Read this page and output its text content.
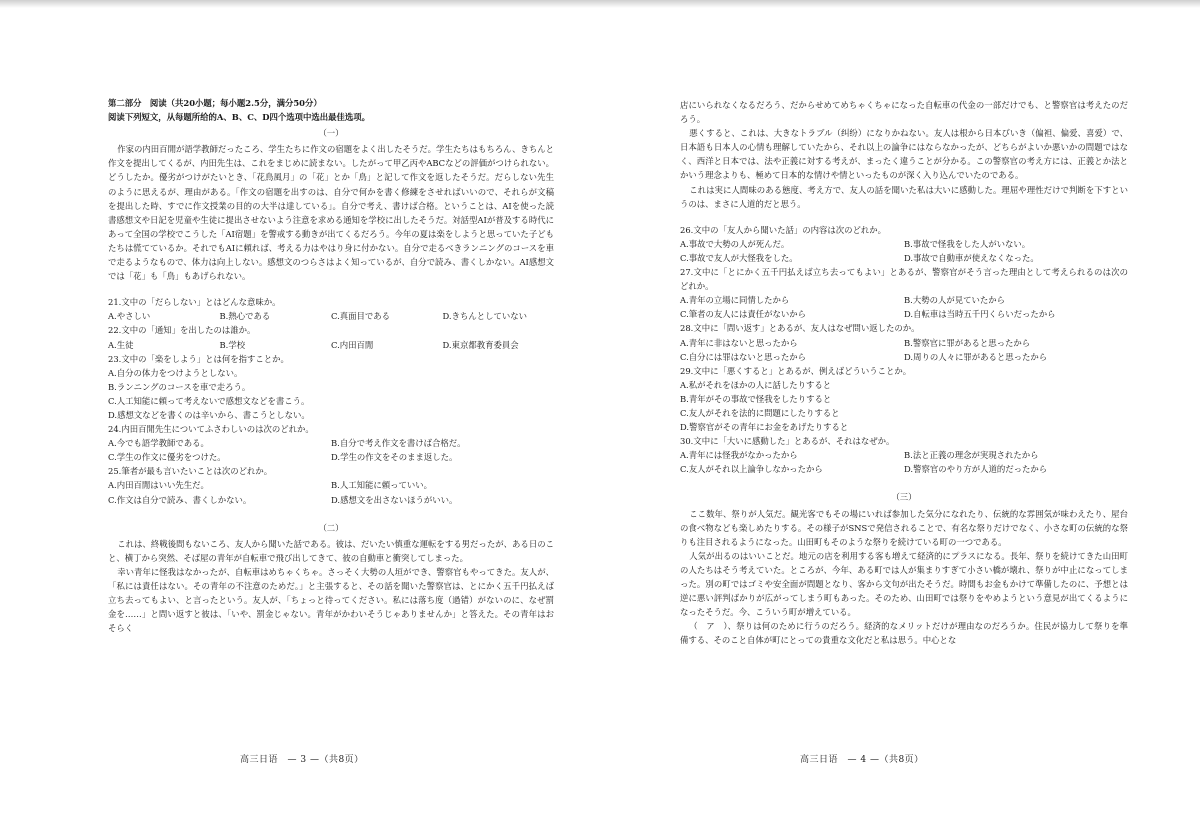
第二部分　阅读（共20小题；每小题2.5分，满分50分）

阅读下列短文，从每题所给的A、B、C、D四个选项中选出最佳选项。

（一）

作家の内田百閒が語学教師だったころ、学生たちに作文の宿題をよく出したそうだ。学生たちはもちろん、きちんと作文を提出してくるが、内田先生は、これをまじめに読まない。したがって甲乙丙やABCなどの評価がつけられない。どうしたか。優劣がつけがたいとき、「花鳥風月」の「花」とか「鳥」と記して作文を返したそうだ。だらしない先生のように思えるが、理由がある。「作文の宿題を出すのは、自分で何かを書く修練をさせればいいので、それらが文稿を提出した時、すでに作文授業の目的の大半は達している」。自分で考え、書けば合格。ということは、AIを使った読書感想文や日記を児童や生徒に提出させないよう注意を求める通知を学校に出したそうだ。対話型AIが普及する時代にあって全国の学校でこうした「AI宿題」を警戒する動きが出てくるだろう。今年の夏は楽をしようと思っていた子どもたちは慌てているか。それでもAIに頼れば、考える力はやはり身に付かない。自分で走るべきランニングのコースを車で走るようなもので、体力は向上しない。感想文のつらさはよく知っているが、自分で読み、書くしかない。AI感想文では「花」も「鳥」もあげられない。

21.文中の「だらしない」とはどんな意味か。

A.やさしい	B.熱心である	C.真面目である	D.きちんとしていない

22.文中の「通知」を出したのは誰か。

A.生徒	B.学校	C.内田百閒	D.東京都教育委員会

23.文中の「楽をしよう」とは何を指すことか。

A.自分の体力をつけようとしない。
B.ランニングのコースを車で走ろう。
C.人工知能に頼って考えないで感想文などを書こう。
D.感想文などを書くのは辛いから、書こうとしない。

24.内田百閒先生についてふさわしいのは次のどれか。

A.今でも語学教師である。	B.自分で考え作文を書けば合格だ。
C.学生の作文に優劣をつけた。	D.学生の作文をそのまま返した。

25.筆者が最も言いたいことは次のどれか。

A.内田百閒はいい先生だ。	B.人工知能に頼っていい。
C.作文は自分で読み、書くしかない。	D.感想文を出さないほうがいい。

（二）

これは、終戦後間もないころ、友人から聞いた話である。彼は、だいたい慎重な運転をする男だったが、ある日のこと、横丁から突然、そば屋の青年が自転車で飛び出してきて、彼の自動車と衝突してしまった。

幸い青年に怪我はなかったが、自転車はめちゃくちゃ。さっそく大勢の人垣ができ、警察官もやってきた。友人が、「私には責任はない。その青年の不注意のためだ。」と主張すると、その話を聞いた警察官は、とにかく五千円払えば立ち去ってもよい、と言ったという。友人が、「ちょっと待ってください。私には落ち度（過错）がないのに、なぜ罰金を……」と問い返すと彼は、「いや、罰金じゃない。青年がかわいそうじゃありませんか」と答えた。その青年はおそらく

店にいられなくなるだろう、だからせめてめちゃくちゃになった自転車の代金の一部だけでも、と警察官は考えたのだろう。

悪くすると、これは、大きなトラブル（纠纷）になりかねない。友人は根から日本びいき（偏袒、偏爱、喜爱）で、日本語も日本人の心情も理解していたから、それ以上の論争にはならなかったが、どちらがよいか悪いかの問題ではなく、西洋と日本では、法や正義に対する考えが、まったく違うことが分かる。この警察官の考え方には、正義とか法とかいう理念よりも、極めて日本的な情けや情といったものが深く入り込んでいたのである。

これは実に人間味のある態度、考え方で、友人の話を聞いた私は大いに感動した。理屈や理性だけで判断を下すというのは、まさに人道的だと思う。

26.文中の「友人から聞いた話」の内容は次のどれか。

A.事故で大勢の人が死んだ。	B.事故で怪我をした人がいない。
C.事故で友人が大怪我をした。	D.事故で自動車が使えなくなった。

27.文中に「とにかく五千円払えば立ち去ってもよい」とあるが、警察官がそう言った理由として考えられるのは次のどれか。

A.青年の立場に同情したから	B.大勢の人が見ていたから
C.筆者の友人には責任がないから	D.自転車は当時五千円くらいだったから

28.文中に「問い返す」とあるが、友人はなぜ問い返したのか。

A.青年に非はないと思ったから	B.警察官に罪があると思ったから
C.自分には罪はないと思ったから	D.周りの人々に罪があると思ったから

29.文中に「悪くすると」とあるが、例えばどういうことか。

A.私がそれをほかの人に話したりすると
B.青年がその事故で怪我をしたりすると
C.友人がそれを法的に問題にしたりすると
D.警察官がその青年にお金をあげたりすると

30.文中に「大いに感動した」とあるが、それはなぜか。

A.青年には怪我がなかったから	B.法と正義の理念が実現されたから
C.友人がそれ以上論争しなかったから	D.警察官のやり方が人道的だったから

（三）

ここ数年、祭りが人気だ。観光客でもその場にいれば参加した気分になれたり、伝統的な雰囲気が味わえたり、屋台の食べ物なども楽しめたりする。その様子がSNSで発信されることで、有名な祭りだけでなく、小さな町の伝統的な祭りも注目されるようになった。山田町もそのような祭りを続けている町の一つである。

人気が出るのはいいことだ。地元の店を利用する客も増えて経済的にプラスになる。長年、祭りを続けてきた山田町の人たちはそう考えていた。ところが、今年、ある町では人が集まりすぎて小さい橋が壊れ、祭りが中止になってしまった。別の町ではゴミや安全面が問題となり、客から文句が出たそうだ。時間もお金もかけて準備したのに、予想とは逆に悪い評判ばかりが広がってしまう町もあった。そのため、山田町では祭りをやめようという意見が出てくるようになったそうだ。今、こういう町が増えている。

（　ア　）、祭りは何のために行うのだろう。経済的なメリットだけが理由なのだろうか。住民が協力して祭りを準備する、そのこと自体が町にとっての貴重な文化だと私は思う。中心とな

高三日语　— 3 —（共8页）	高三日语　— 4 —（共8页）
